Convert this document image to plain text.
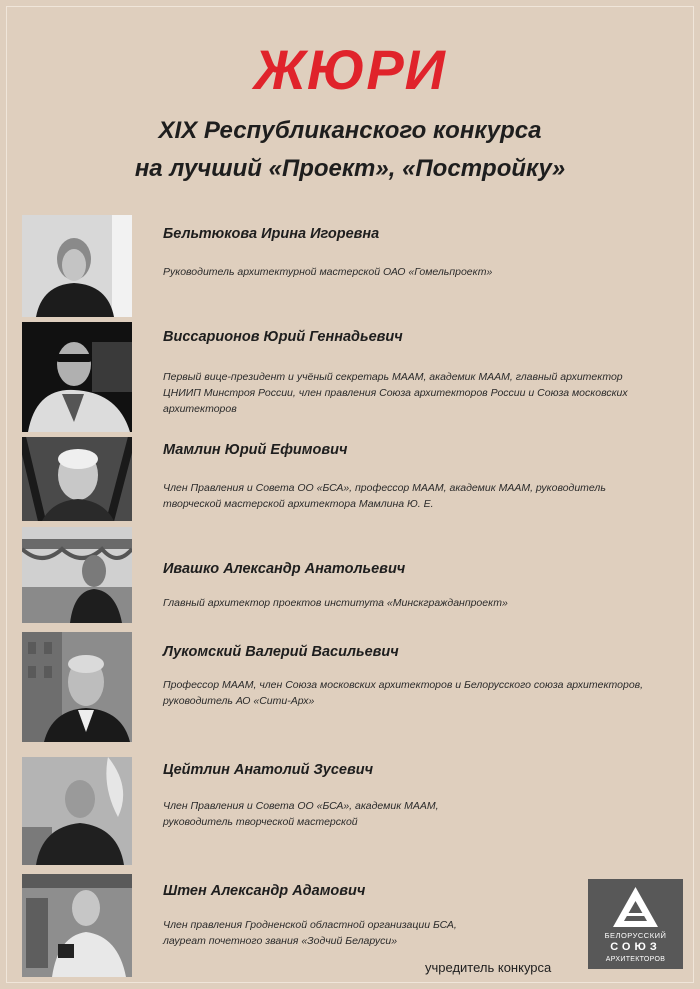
ЖЮРИ
XIX Республиканского конкурса
на лучший «Проект», «Постройку»
Бельтюкова Ирина Игоревна
Руководитель архитектурной мастерской ОАО «Гомельпроект»
Виссарионов Юрий Геннадьевич
Первый вице-президент и учёный секретарь МААМ, академик МААМ, главный архитектор ЦНИИП Минстроя России, член правления Союза архитекторов России и Союза московских архитекторов
Мамлин Юрий Ефимович
Член Правления и Совета ОО «БСА», профессор МААМ, академик МААМ, руководитель творческой мастерской архитектора Мамлина Ю. Е.
Ивашко Александр Анатольевич
Главный архитектор проектов института «Минскгражданпроект»
Лукомский Валерий Васильевич
Профессор МААМ, член Союза московских архитекторов и Белорусского союза архитекторов, руководитель АО «Сити-Арх»
Цейтлин Анатолий Зусевич
Член Правления и Совета ОО «БСА», академик МААМ, руководитель творческой мастерской
Штен Александр Адамович
Член правления Гродненской областной организации БСА, лауреат почетного звания «Зодчий Беларуси»
учредитель конкурса
БЕЛОРУССКИЙ
СОЮЗ
АРХИТЕКТОРОВ
